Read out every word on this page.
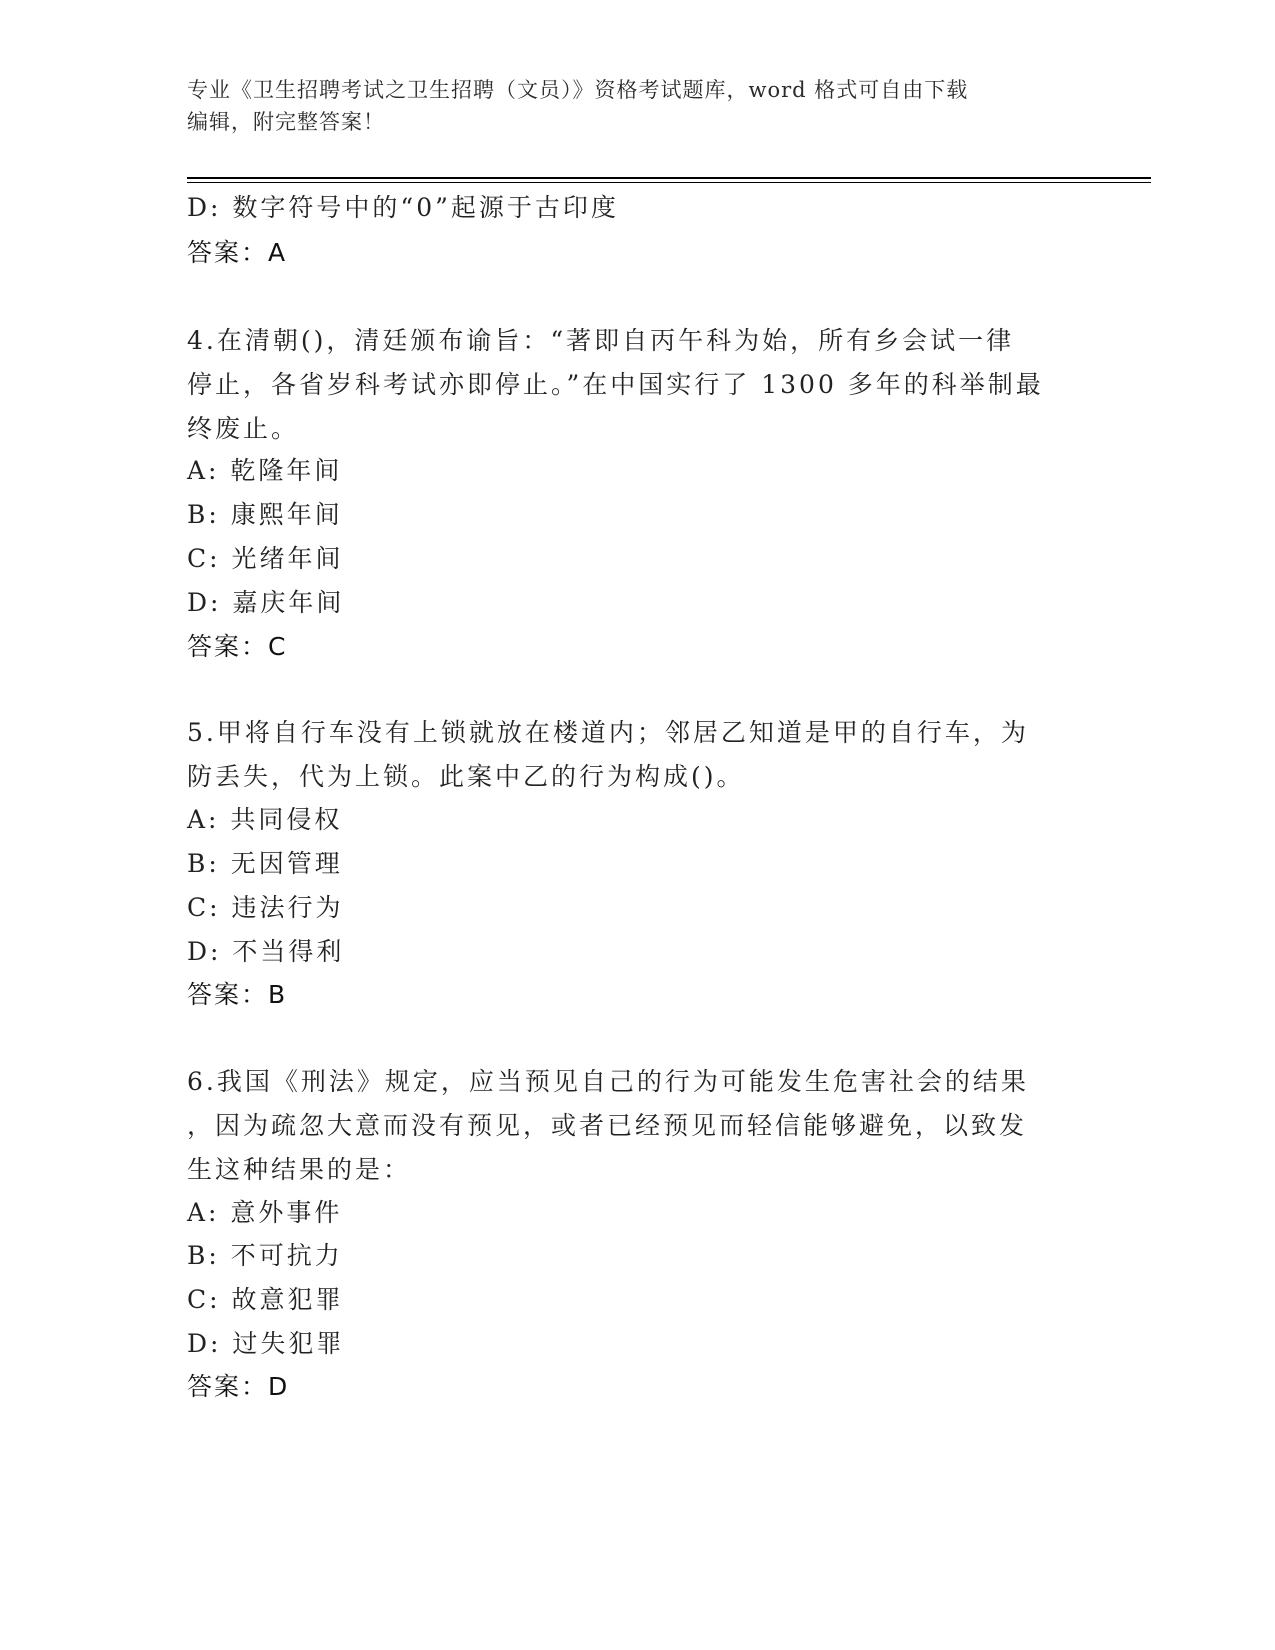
专业《卫生招聘考试之卫生招聘（文员）》资格考试题库，word 格式可自由下载
编辑，附完整答案！
D: 数字符号中的“0”起源于古印度
答案：A
4.在清朝()，清廷颁布谕旨：“著即自丙午科为始，所有乡会试一律
停止，各省岁科考试亦即停止。”在中国实行了 1300 多年的科举制最
终废止。
A: 乾隆年间
B: 康熙年间
C: 光绪年间
D: 嘉庆年间
答案：C
5.甲将自行车没有上锁就放在楼道内；邻居乙知道是甲的自行车，为
防丢失，代为上锁。此案中乙的行为构成()。
A: 共同侵权
B: 无因管理
C: 违法行为
D: 不当得利
答案：B
6.我国《刑法》规定，应当预见自己的行为可能发生危害社会的结果
，因为疏忽大意而没有预见，或者已经预见而轻信能够避免，以致发
生这种结果的是：
A: 意外事件
B: 不可抗力
C: 故意犯罪
D: 过失犯罪
答案：D
